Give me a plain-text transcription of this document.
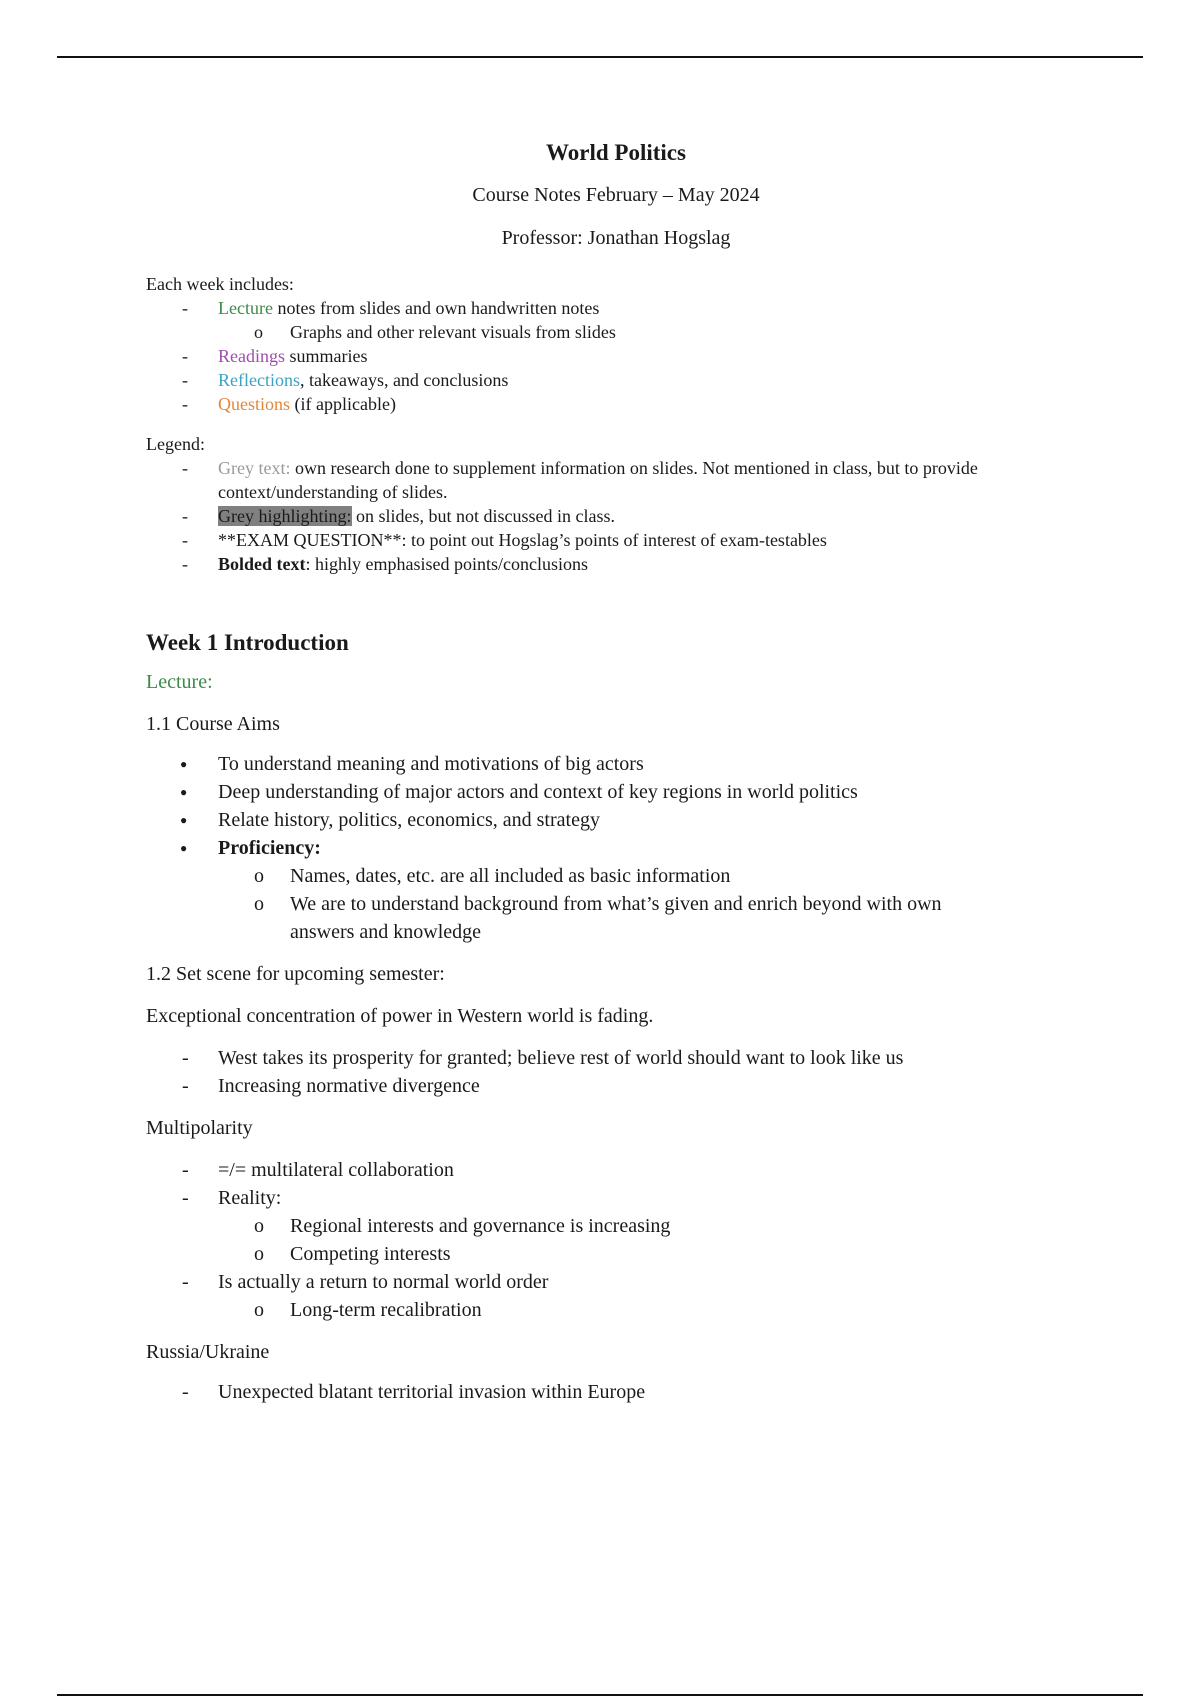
World Politics
Course Notes February – May 2024
Professor: Jonathan Hogslag
Each week includes:
- Lecture notes from slides and own handwritten notes
o Graphs and other relevant visuals from slides
- Readings summaries
- Reflections, takeaways, and conclusions
- Questions (if applicable)
Legend:
- Grey text: own research done to supplement information on slides. Not mentioned in class, but to provide context/understanding of slides.
- Grey highlighting: on slides, but not discussed in class.
- **EXAM QUESTION**: to point out Hogslag’s points of interest of exam-testables
- Bolded text: highly emphasised points/conclusions
Week 1 Introduction
Lecture:
1.1 Course Aims
● To understand meaning and motivations of big actors
● Deep understanding of major actors and context of key regions in world politics
● Relate history, politics, economics, and strategy
● Proficiency:
o Names, dates, etc. are all included as basic information
o We are to understand background from what’s given and enrich beyond with own answers and knowledge
1.2 Set scene for upcoming semester:
Exceptional concentration of power in Western world is fading.
- West takes its prosperity for granted; believe rest of world should want to look like us
- Increasing normative divergence
Multipolarity
- =/= multilateral collaboration
- Reality:
o Regional interests and governance is increasing
o Competing interests
- Is actually a return to normal world order
o Long-term recalibration
Russia/Ukraine
- Unexpected blatant territorial invasion within Europe
